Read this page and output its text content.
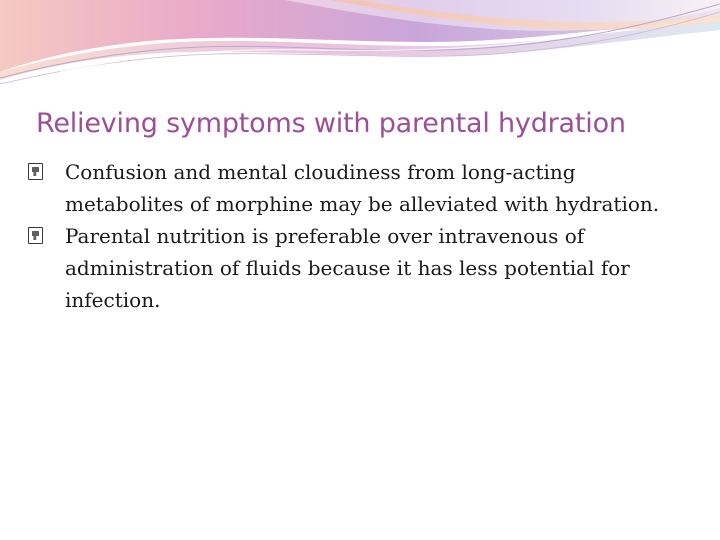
Relieving symptoms with parental hydration
Confusion and mental cloudiness from long-acting metabolites of morphine may be alleviated with hydration.
Parental nutrition is preferable over intravenous of administration of fluids because it has less potential for infection.
